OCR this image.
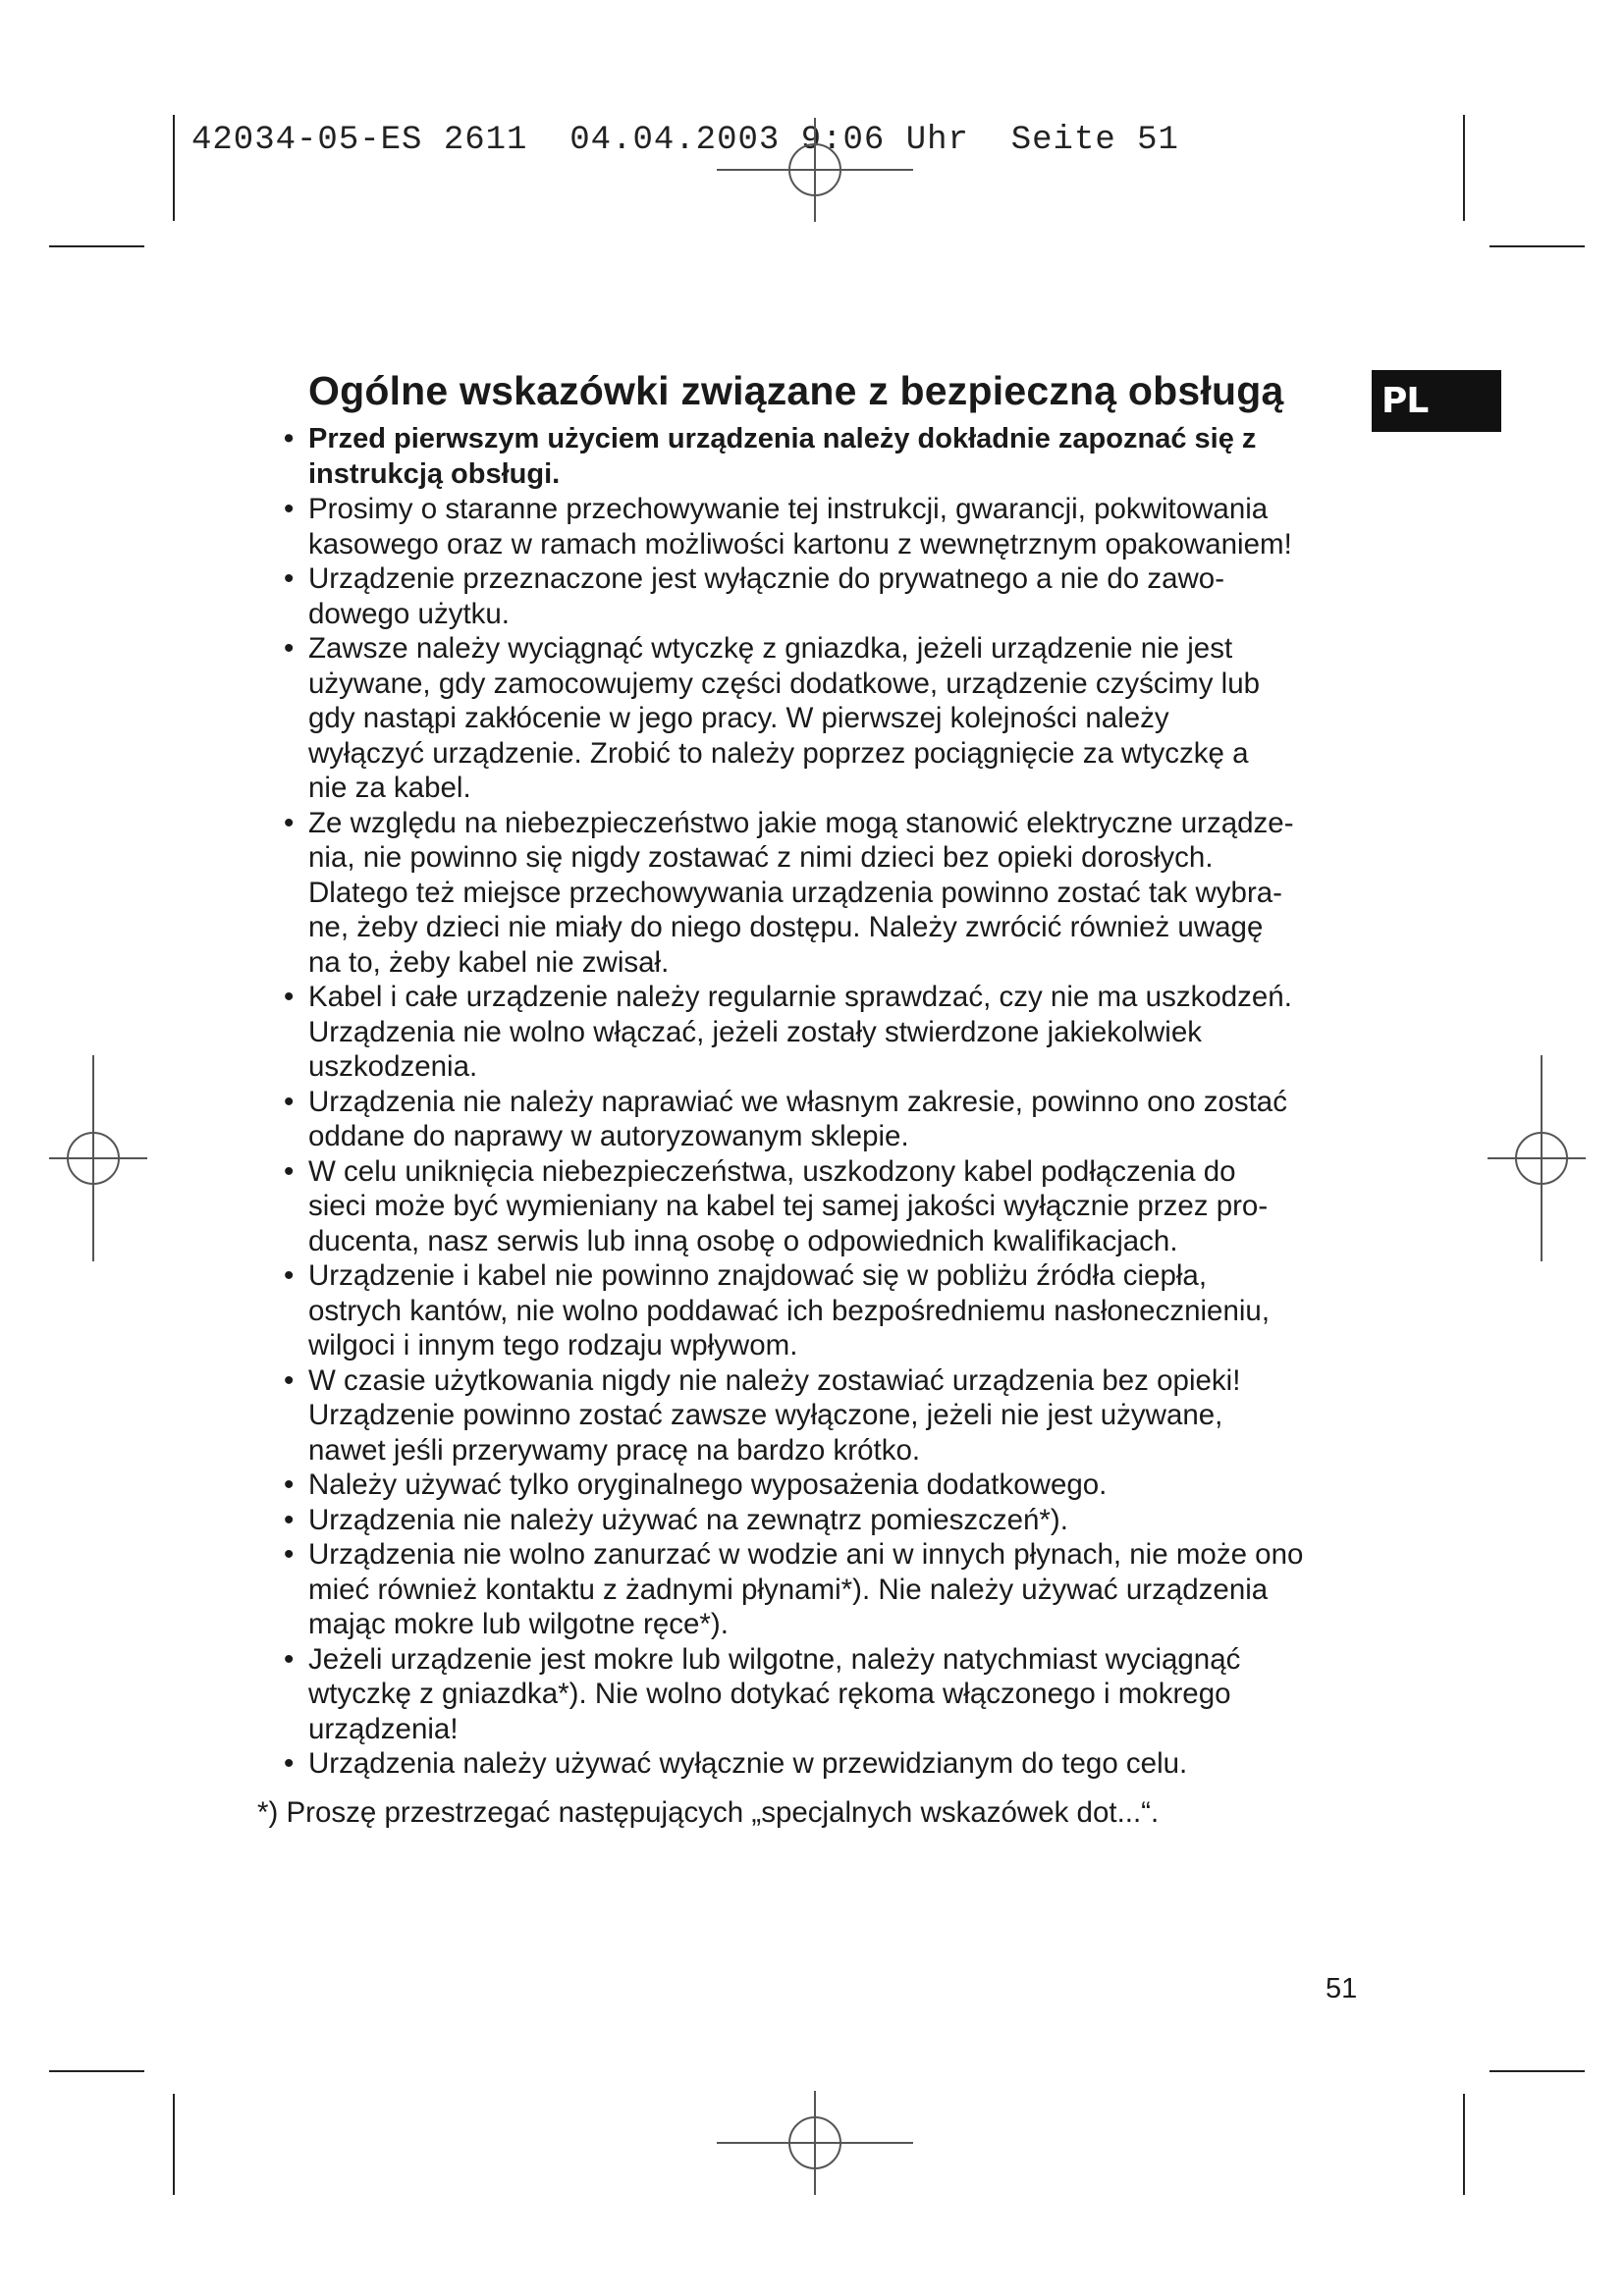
42034-05-ES 2611  04.04.2003 9:06 Uhr  Seite 51
PL
Ogólne wskazówki związane z bezpieczną obsługą
• Przed pierwszym użyciem urządzenia należy dokładnie zapoznać się z
instrukcją obsługi.
• Prosimy o staranne przechowywanie tej instrukcji, gwarancji, pokwitowania
kasowego oraz w ramach możliwości kartonu z wewnętrznym opakowaniem!
• Urządzenie przeznaczone jest wyłącznie do prywatnego a nie do zawo-
dowego użytku.
• Zawsze należy wyciągnąć wtyczkę z gniazdka, jeżeli urządzenie nie jest
używane, gdy zamocowujemy części dodatkowe, urządzenie czyścimy lub
gdy nastąpi zakłócenie w jego pracy. W pierwszej kolejności należy
wyłączyć urządzenie. Zrobić to należy poprzez pociągnięcie za wtyczkę a
nie za kabel.
• Ze względu na niebezpieczeństwo jakie mogą stanowić elektryczne urządze-
nia, nie powinno się nigdy zostawać z nimi dzieci bez opieki dorosłych.
Dlatego też miejsce przechowywania urządzenia powinno zostać tak wybra-
ne, żeby dzieci nie miały do niego dostępu. Należy zwrócić również uwagę
na to, żeby kabel nie zwisał.
• Kabel i całe urządzenie należy regularnie sprawdzać, czy nie ma uszkodzeń.
Urządzenia nie wolno włączać, jeżeli zostały stwierdzone jakiekolwiek
uszkodzenia.
• Urządzenia nie należy naprawiać we własnym zakresie, powinno ono zostać
oddane do naprawy w autoryzowanym sklepie.
• W celu uniknięcia niebezpieczeństwa, uszkodzony kabel podłączenia do
sieci może być wymieniany na kabel tej samej jakości wyłącznie przez pro-
ducenta, nasz serwis lub inną osobę o odpowiednich kwalifikacjach.
• Urządzenie i kabel nie powinno znajdować się w pobliżu źródła ciepła,
ostrych kantów, nie wolno poddawać ich bezpośredniemu nasłonecznieniu,
wilgoci i innym tego rodzaju wpływom.
• W czasie użytkowania nigdy nie należy zostawiać urządzenia bez opieki!
Urządzenie powinno zostać zawsze wyłączone, jeżeli nie jest używane,
nawet jeśli przerywamy pracę na bardzo krótko.
• Należy używać tylko oryginalnego wyposażenia dodatkowego.
• Urządzenia nie należy używać na zewnątrz pomieszczeń*).
• Urządzenia nie wolno zanurzać w wodzie ani w innych płynach, nie może ono
mieć również kontaktu z żadnymi płynami*). Nie należy używać urządzenia
mając mokre lub wilgotne ręce*).
• Jeżeli urządzenie jest mokre lub wilgotne, należy natychmiast wyciągnąć
wtyczkę z gniazdka*). Nie wolno dotykać rękoma włączonego i mokrego
urządzenia!
• Urządzenia należy używać wyłącznie w przewidzianym do tego celu.

*) Proszę przestrzegać następujących „specjalnych wskazówek dot...“.

51
